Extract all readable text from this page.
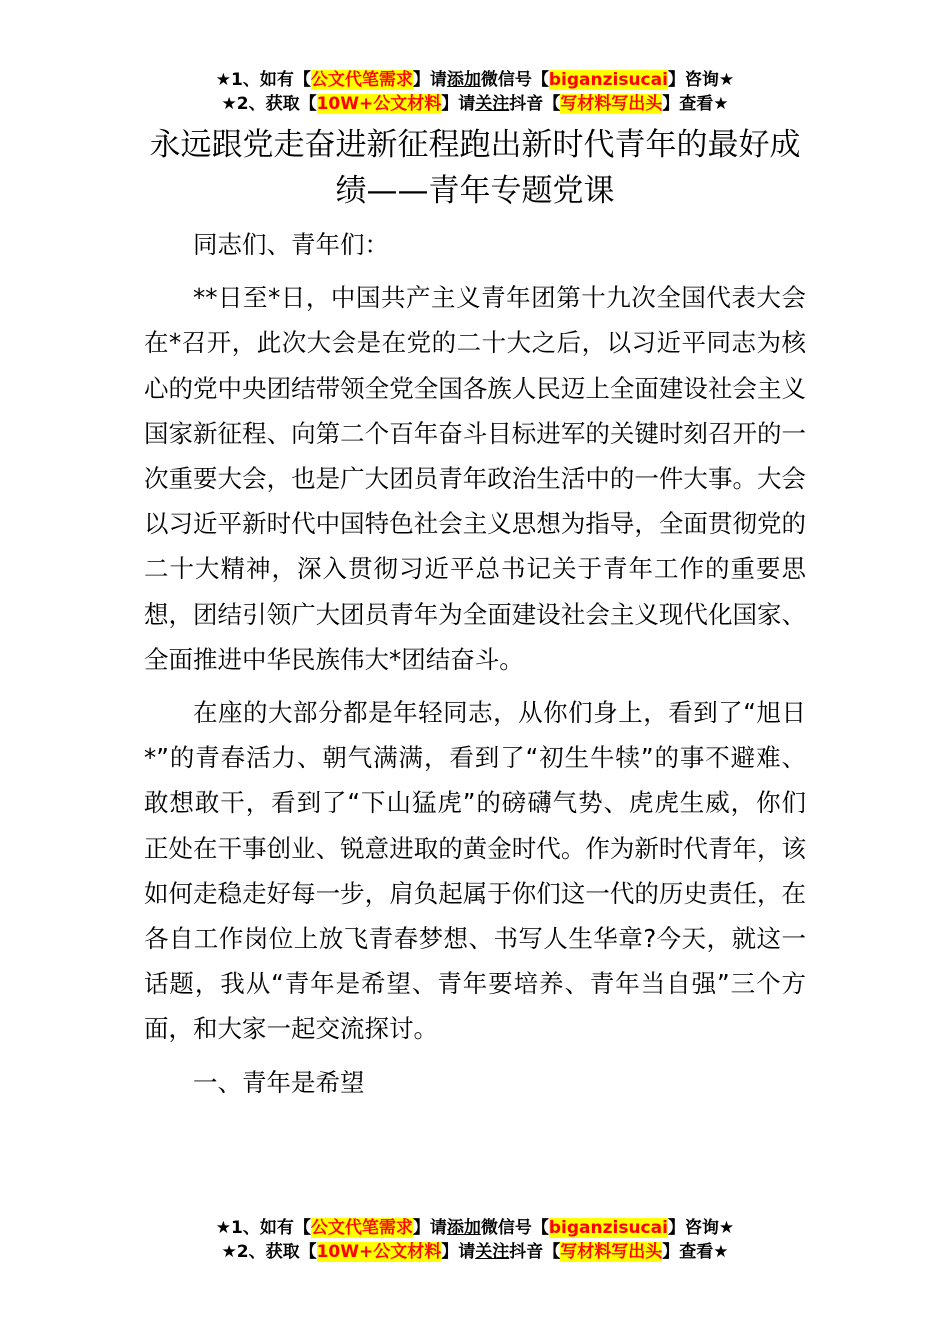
★1、如有【公文代笔需求】请添加微信号【biganzisucai】咨询★
★2、获取【10W+公文材料】请关注抖音【写材料写出头】查看★
永远跟党走奋进新征程跑出新时代青年的最好成绩——青年专题党课

同志们、青年们：

**日至*日，中国共产主义青年团第十九次全国代表大会在*召开，此次大会是在党的二十大之后，以习近平同志为核心的党中央团结带领全党全国各族人民迈上全面建设社会主义国家新征程、向第二个百年奋斗目标进军的关键时刻召开的一次重要大会，也是广大团员青年政治生活中的一件大事。大会以习近平新时代中国特色社会主义思想为指导，全面贯彻党的二十大精神，深入贯彻习近平总书记关于青年工作的重要思想，团结引领广大团员青年为全面建设社会主义现代化国家、全面推进中华民族伟大*团结奋斗。

在座的大部分都是年轻同志，从你们身上，看到了“旭日*”的青春活力、朝气满满，看到了“初生牛犊”的事不避难、敢想敢干，看到了“下山猛虎”的磅礴气势、虎虎生威，你们正处在干事创业、锐意进取的黄金时代。作为新时代青年，该如何走稳走好每一步，肩负起属于你们这一代的历史责任，在各自工作岗位上放飞青春梦想、书写人生华章?今天，就这一话题，我从“青年是希望、青年要培养、青年当自强”三个方面，和大家一起交流探讨。

一、青年是希望

★1、如有【公文代笔需求】请添加微信号【biganzisucai】咨询★
★2、获取【10W+公文材料】请关注抖音【写材料写出头】查看★
